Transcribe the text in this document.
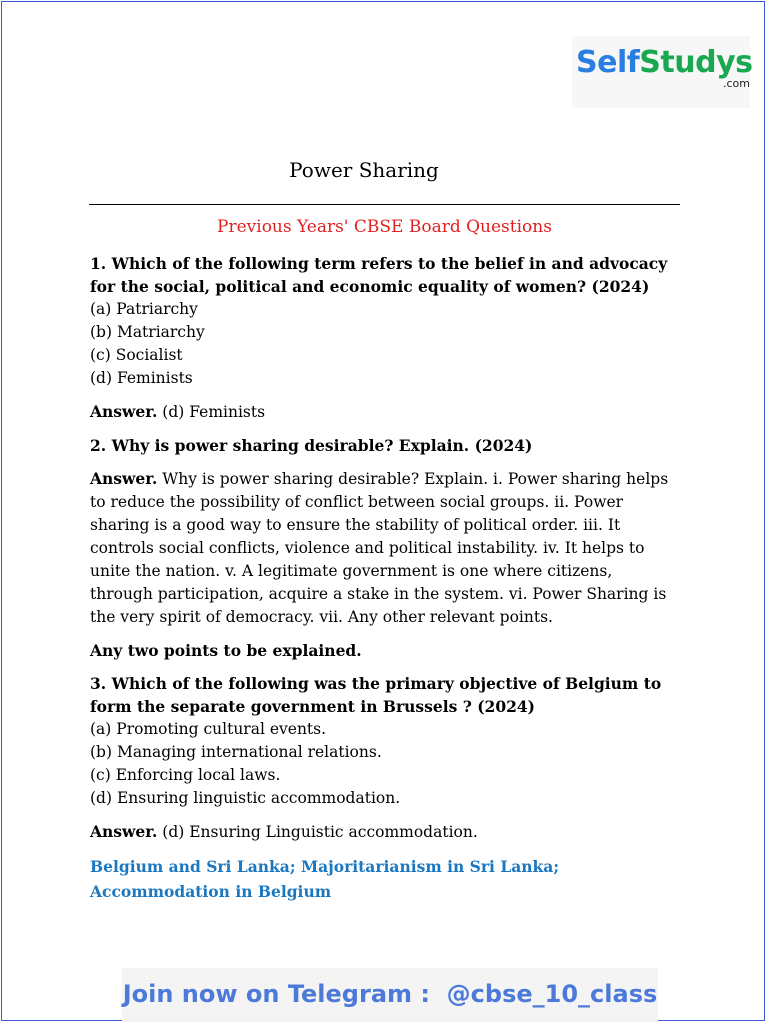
SelfStudys
.com
Power Sharing
Previous Years' CBSE Board Questions

1. Which of the following term refers to the belief in and advocacy for the social, political and economic equality of women? (2024)

(a) Patriarchy

(b) Matriarchy

(c) Socialist

(d) Feminists

Answer. (d) Feminists

2. Why is power sharing desirable? Explain. (2024)

Answer. Why is power sharing desirable? Explain. i. Power sharing helps to reduce the possibility of conflict between social groups. ii. Power sharing is a good way to ensure the stability of political order. iii. It controls social conflicts, violence and political instability. iv. It helps to unite the nation. v. A legitimate government is one where citizens, through participation, acquire a stake in the system. vi. Power Sharing is the very spirit of democracy. vii. Any other relevant points.

Any two points to be explained.

3. Which of the following was the primary objective of Belgium to form the separate government in Brussels ? (2024)

(a) Promoting cultural events.

(b) Managing international relations.

(c) Enforcing local laws.

(d) Ensuring linguistic accommodation.

Answer. (d) Ensuring Linguistic accommodation.

Belgium and Sri Lanka; Majoritarianism in Sri Lanka; Accommodation in Belgium

Join now on Telegram :  @cbse_10_class
